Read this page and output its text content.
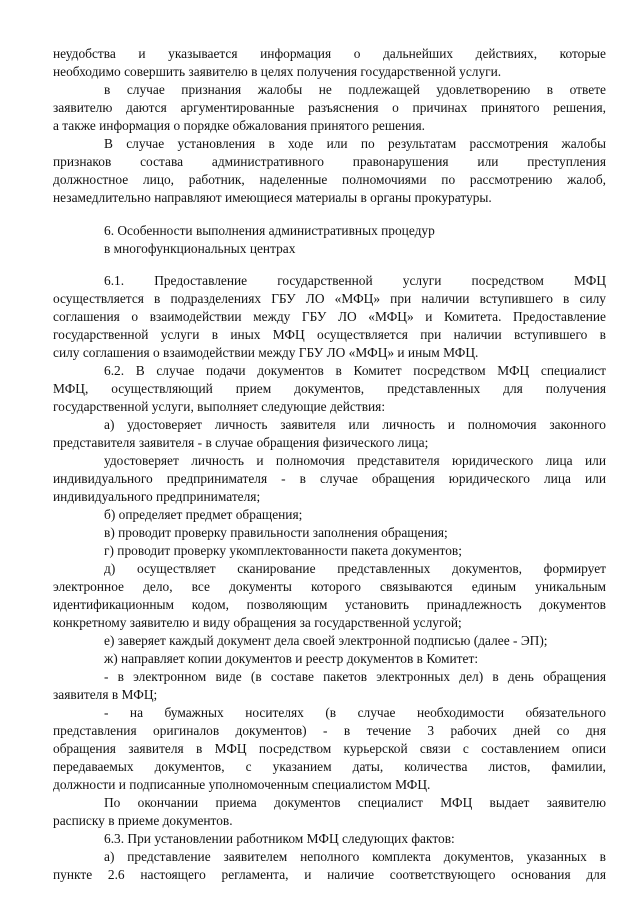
неудобства и указывается информация о дальнейших действиях, которые
необходимо совершить заявителю в целях получения государственной услуги.
в случае признания жалобы не подлежащей удовлетворению в ответе
заявителю даются аргументированные разъяснения о причинах принятого решения,
а также информация о порядке обжалования принятого решения.
В случае установления в ходе или по результатам рассмотрения жалобы
признаков состава административного правонарушения или преступления
должностное лицо, работник, наделенные полномочиями по рассмотрению жалоб,
незамедлительно направляют имеющиеся материалы в органы прокуратуры.
6. Особенности выполнения административных процедур
в многофункциональных центрах
6.1. Предоставление государственной услуги посредством МФЦ
осуществляется в подразделениях ГБУ ЛО «МФЦ» при наличии вступившего в силу
соглашения о взаимодействии между ГБУ ЛО «МФЦ» и Комитета. Предоставление
государственной услуги в иных МФЦ осуществляется при наличии вступившего в
силу соглашения о взаимодействии между ГБУ ЛО «МФЦ» и иным МФЦ.
6.2. В случае подачи документов в Комитет посредством МФЦ специалист
МФЦ, осуществляющий прием документов, представленных для получения
государственной услуги, выполняет следующие действия:
а) удостоверяет личность заявителя или личность и полномочия законного
представителя заявителя - в случае обращения физического лица;
удостоверяет личность и полномочия представителя юридического лица или
индивидуального предпринимателя - в случае обращения юридического лица или
индивидуального предпринимателя;
б) определяет предмет обращения;
в) проводит проверку правильности заполнения обращения;
г) проводит проверку укомплектованности пакета документов;
д) осуществляет сканирование представленных документов, формирует
электронное дело, все документы которого связываются единым уникальным
идентификационным кодом, позволяющим установить принадлежность документов
конкретному заявителю и виду обращения за государственной услугой;
е) заверяет каждый документ дела своей электронной подписью (далее - ЭП);
ж) направляет копии документов и реестр документов в Комитет:
- в электронном виде (в составе пакетов электронных дел) в день обращения
заявителя в МФЦ;
- на бумажных носителях (в случае необходимости обязательного
представления оригиналов документов) - в течение 3 рабочих дней со дня
обращения заявителя в МФЦ посредством курьерской связи с составлением описи
передаваемых документов, с указанием даты, количества листов, фамилии,
должности и подписанные уполномоченным специалистом МФЦ.
По окончании приема документов специалист МФЦ выдает заявителю
расписку в приеме документов.
6.3. При установлении работником МФЦ следующих фактов:
а) представление заявителем неполного комплекта документов, указанных в
пункте 2.6 настоящего регламента, и наличие соответствующего основания для
